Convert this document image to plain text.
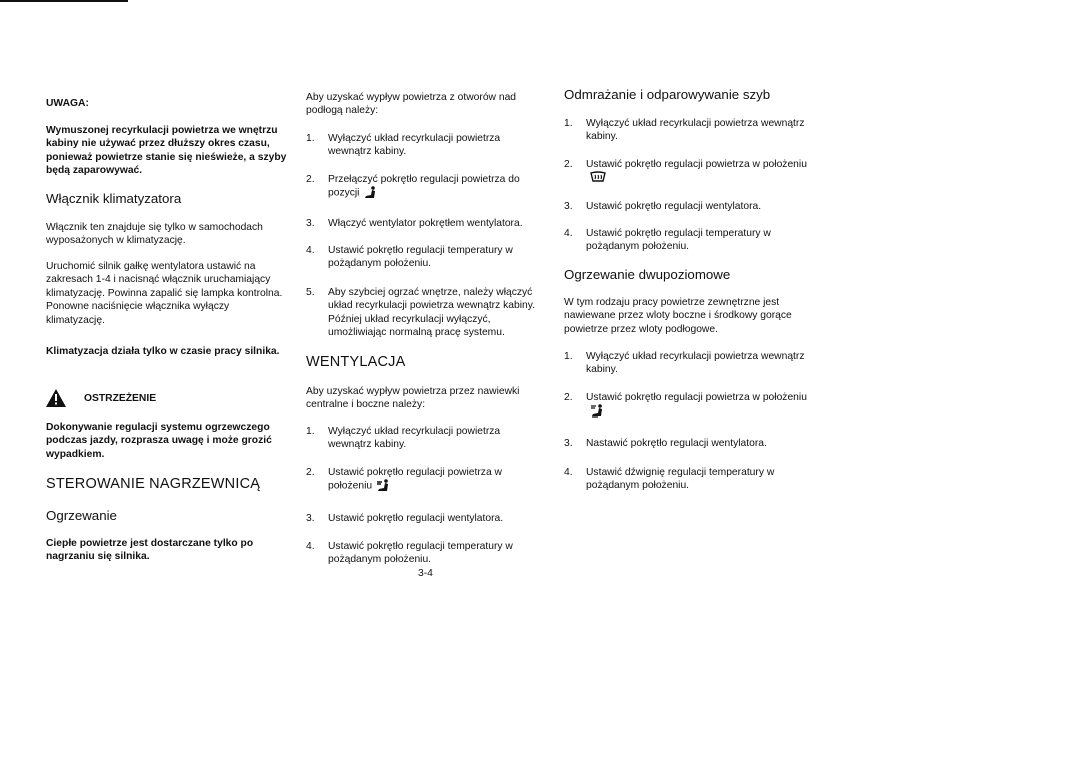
UWAGA:
Wymuszonej recyrkulacji powietrza we wnętrzu kabiny nie używać przez dłuższy okres czasu, ponieważ powietrze stanie się nieświeże, a szyby będą zaparowywać.
Włącznik klimatyzatora
Włącznik ten znajduje się tylko w samochodach wyposażonych w klimatyzację.
Uruchomić silnik gałkę wentylatora ustawić na zakresach 1-4 i nacisnąć włącznik uruchamiający klimatyzację. Powinna zapalić się lampka kontrolna. Ponowne naciśnięcie włącznika wyłączy klimatyzację.
Klimatyzacja działa tylko w czasie pracy silnika.
OSTRZEŻENIE
Dokonywanie regulacji systemu ogrzewczego podczas jazdy, rozprasza uwagę i może grozić wypadkiem.
STEROWANIE NAGRZEWNICĄ
Ogrzewanie
Ciepłe powietrze jest dostarczane tylko po nagrzaniu się silnika.
Aby uzyskać wypływ powietrza z otworów nad podłogą należy:
1.	Wyłączyć układ recyrkulacji powietrza wewnątrz kabiny.
2.	Przełączyć pokrętło regulacji powietrza do pozycji
3.	Włączyć wentylator pokrętłem wentylatora.
4.	Ustawić pokrętło regulacji temperatury w pożądanym położeniu.
5.	Aby szybciej ogrzać wnętrze, należy włączyć układ recyrkulacji powietrza wewnątrz kabiny. Później układ recyrkulacji wyłączyć, umożliwiając normalną pracę systemu.
WENTYLACJA
Aby uzyskać wypływ powietrza przez nawiewki centralne i boczne należy:
1.	Wyłączyć układ recyrkulacji powietrza wewnątrz kabiny.
2.	Ustawić pokrętło regulacji powietrza w położeniu
3.	Ustawić pokrętło regulacji wentylatora.
4.	Ustawić pokrętło regulacji temperatury w pożądanym położeniu.
3-4
Odmrażanie i odparowywanie szyb
1.	Wyłączyć układ recyrkulacji powietrza wewnątrz kabiny.
2.	Ustawić pokrętło regulacji powietrza w położeniu
3.	Ustawić pokrętło regulacji wentylatora.
4.	Ustawić pokrętło regulacji temperatury w pożądanym położeniu.
Ogrzewanie dwupoziomowe
W tym rodzaju pracy powietrze zewnętrzne jest nawiewane przez wloty boczne i środkowy gorące powietrze przez wloty podłogowe.
1.	Wyłączyć układ recyrkulacji powietrza wewnątrz kabiny.
2.	Ustawić pokrętło regulacji powietrza w położeniu
3.	Nastawić pokrętło regulacji wentylatora.
4.	Ustawić dźwignię regulacji temperatury w pożądanym położeniu.
